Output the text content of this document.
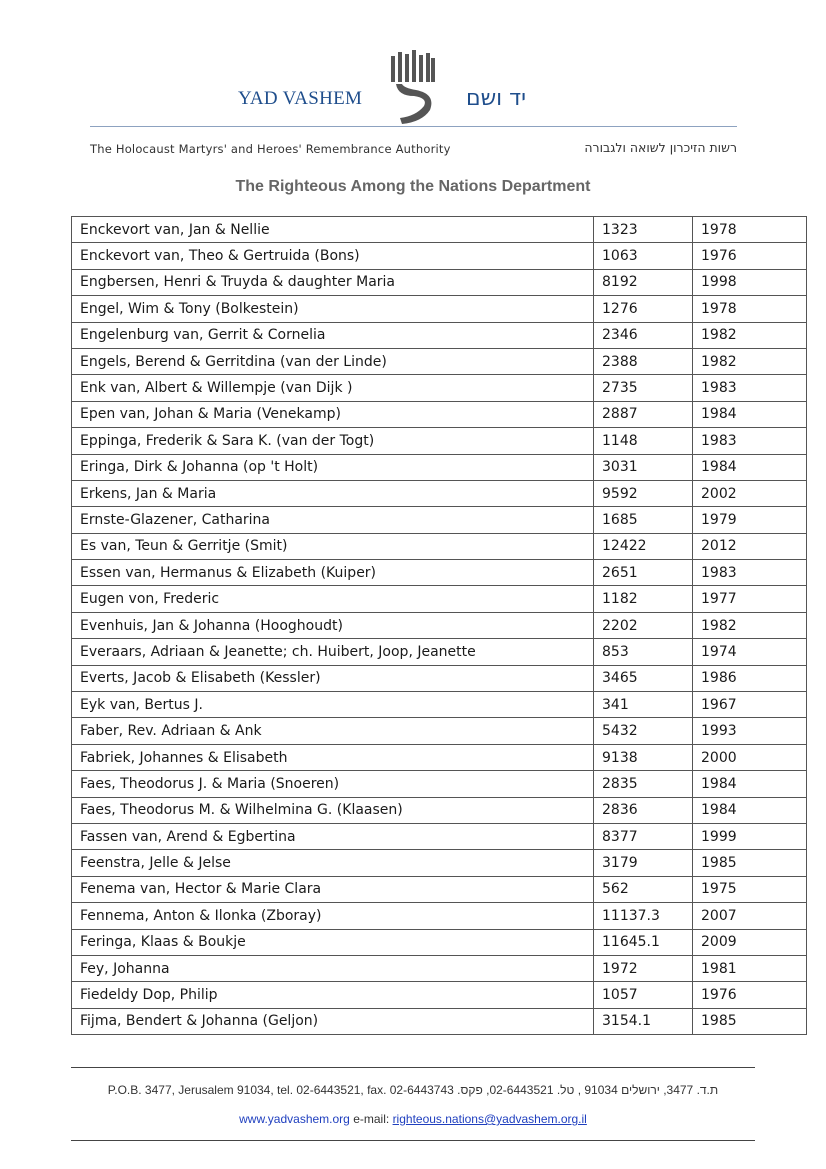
YAD VASHEM	יד ושם
The Holocaust Martyrs' and Heroes' Remembrance Authority	רשות הזיכרון לשואה ולגבורה
The Righteous Among the Nations Department
Enckevort van, Jan & Nellie	1323	1978
Enckevort van, Theo & Gertruida (Bons)	1063	1976
Engbersen, Henri & Truyda & daughter Maria	8192	1998
Engel, Wim & Tony (Bolkestein)	1276	1978
Engelenburg van, Gerrit & Cornelia	2346	1982
Engels, Berend & Gerritdina (van der Linde)	2388	1982
Enk van, Albert & Willempje (van Dijk )	2735	1983
Epen van, Johan & Maria (Venekamp)	2887	1984
Eppinga, Frederik & Sara K. (van der Togt)	1148	1983
Eringa, Dirk & Johanna (op 't Holt)	3031	1984
Erkens, Jan & Maria	9592	2002
Ernste-Glazener, Catharina	1685	1979
Es van, Teun & Gerritje (Smit)	12422	2012
Essen van, Hermanus & Elizabeth (Kuiper)	2651	1983
Eugen von, Frederic	1182	1977
Evenhuis, Jan & Johanna (Hooghoudt)	2202	1982
Everaars, Adriaan & Jeanette; ch. Huibert, Joop, Jeanette	853	1974
Everts, Jacob & Elisabeth (Kessler)	3465	1986
Eyk van, Bertus J.	341	1967
Faber, Rev. Adriaan & Ank	5432	1993
Fabriek, Johannes & Elisabeth	9138	2000
Faes, Theodorus J. & Maria (Snoeren)	2835	1984
Faes, Theodorus M. & Wilhelmina G. (Klaasen)	2836	1984
Fassen van, Arend & Egbertina	8377	1999
Feenstra, Jelle & Jelse	3179	1985
Fenema van, Hector & Marie Clara	562	1975
Fennema, Anton & Ilonka (Zboray)	11137.3	2007
Feringa, Klaas & Boukje	11645.1	2009
Fey, Johanna	1972	1981
Fiedeldy Dop, Philip	1057	1976
Fijma, Bendert & Johanna (Geljon)	3154.1	1985
P.O.B. 3477, Jerusalem 91034, tel. 02-6443521, fax. 02-6443743 .ת.ד. 3477, ירושלים 91034 , טל. 02-6443521, פקס
www.yadvashem.org e-mail: righteous.nations@yadvashem.org.il
